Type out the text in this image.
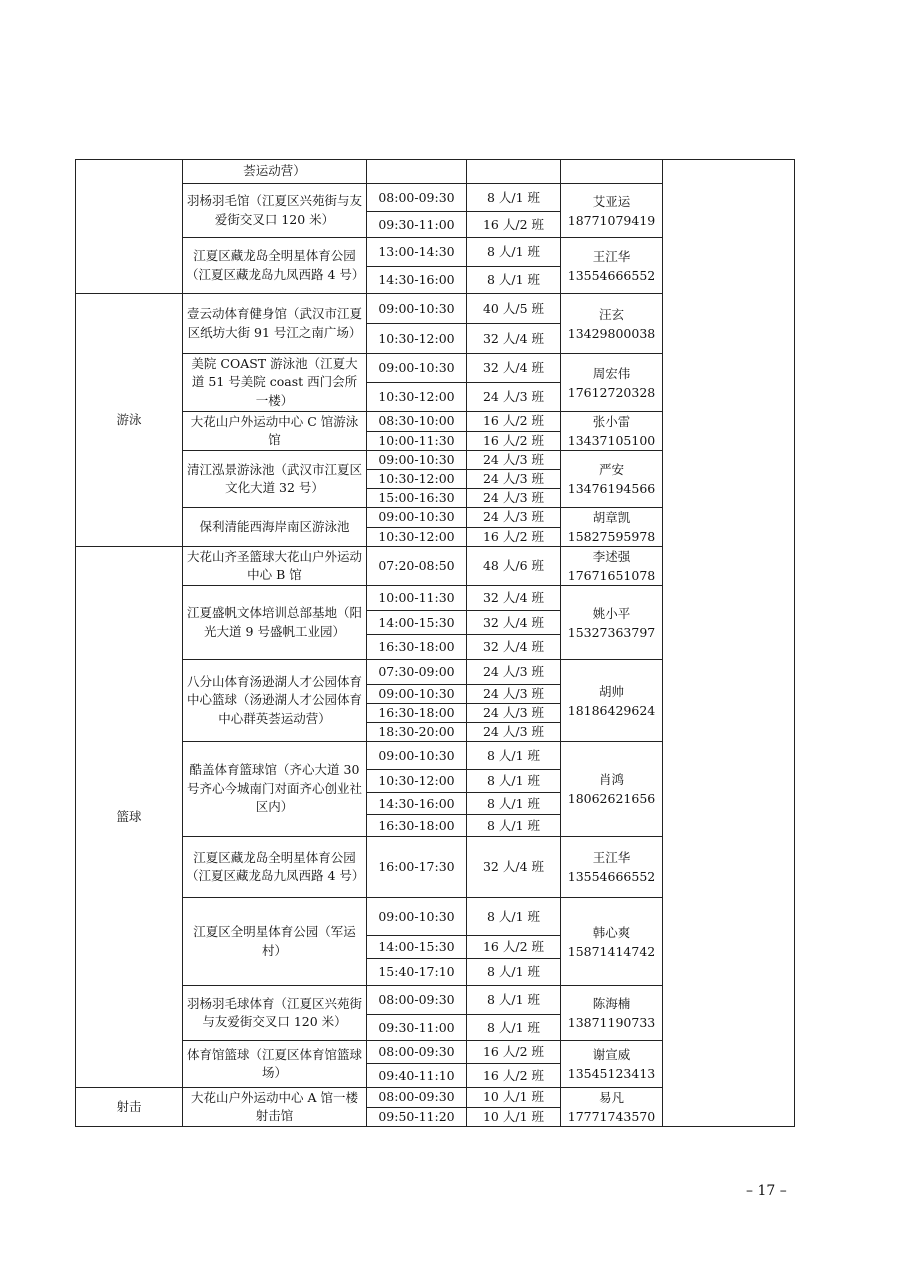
	荟运动营）				
	羽杨羽毛馆（江夏区兴苑街与友爱街交叉口 120 米）	08:00-09:30	8 人/1 班	艾亚运
18771079419	
		09:30-11:00	16 人/2 班		
	江夏区藏龙岛全明星体育公园（江夏区藏龙岛九凤西路 4 号）	13:00-14:30	8 人/1 班	王江华
13554666552	
		14:30-16:00	8 人/1 班		
游泳	壹云动体育健身馆（武汉市江夏区纸坊大街 91 号江之南广场）	09:00-10:30	40 人/5 班	汪玄
13429800038	
		10:30-12:00	32 人/4 班		
	美院 COAST 游泳池（江夏大道 51 号美院 coast 西门会所一楼）	09:00-10:30	32 人/4 班	周宏伟
17612720328	
		10:30-12:00	24 人/3 班		
	大花山户外运动中心 C 馆游泳馆	08:30-10:00	16 人/2 班	张小雷
13437105100	
		10:00-11:30	16 人/2 班		
	清江泓景游泳池（武汉市江夏区文化大道 32 号）	09:00-10:30	24 人/3 班	严安
13476194566	
		10:30-12:00	24 人/3 班		
		15:00-16:30	24 人/3 班		
	保利清能西海岸南区游泳池	09:00-10:30	24 人/3 班	胡章凯
15827595978	
		10:30-12:00	16 人/2 班		
篮球	大花山齐圣篮球大花山户外运动中心 B 馆	07:20-08:50	48 人/6 班	李述强
17671651078	
	江夏盛帆文体培训总部基地（阳光大道 9 号盛帆工业园）	10:00-11:30	32 人/4 班	姚小平
15327363797	
		14:00-15:30	32 人/4 班		
		16:30-18:00	32 人/4 班		
	八分山体育汤逊湖人才公园体育中心篮球（汤逊湖人才公园体育中心群英荟运动营）	07:30-09:00	24 人/3 班	胡帅
18186429624	
		09:00-10:30	24 人/3 班		
		16:30-18:00	24 人/3 班		
		18:30-20:00	24 人/3 班		
	酷盖体育篮球馆（齐心大道 30 号齐心今城南门对面齐心创业社区内）	09:00-10:30	8 人/1 班	肖鸿
18062621656	
		10:30-12:00	8 人/1 班		
		14:30-16:00	8 人/1 班		
		16:30-18:00	8 人/1 班		
	江夏区藏龙岛全明星体育公园（江夏区藏龙岛九凤西路 4 号）	16:00-17:30	32 人/4 班	王江华
13554666552	
	江夏区全明星体育公园（军运村）	09:00-10:30	8 人/1 班	韩心爽
15871414742	
		14:00-15:30	16 人/2 班		
		15:40-17:10	8 人/1 班		
	羽杨羽毛球体育（江夏区兴苑街与友爱街交叉口 120 米）	08:00-09:30	8 人/1 班	陈海楠
13871190733	
		09:30-11:00	8 人/1 班		
	体育馆篮球（江夏区体育馆篮球场）	08:00-09:30	16 人/2 班	谢宣威
13545123413	
		09:40-11:10	16 人/2 班		
射击	大花山户外运动中心 A 馆一楼射击馆	08:00-09:30	10 人/1 班	易凡
17771743570	
		09:50-11:20	10 人/1 班		
– 17 –
